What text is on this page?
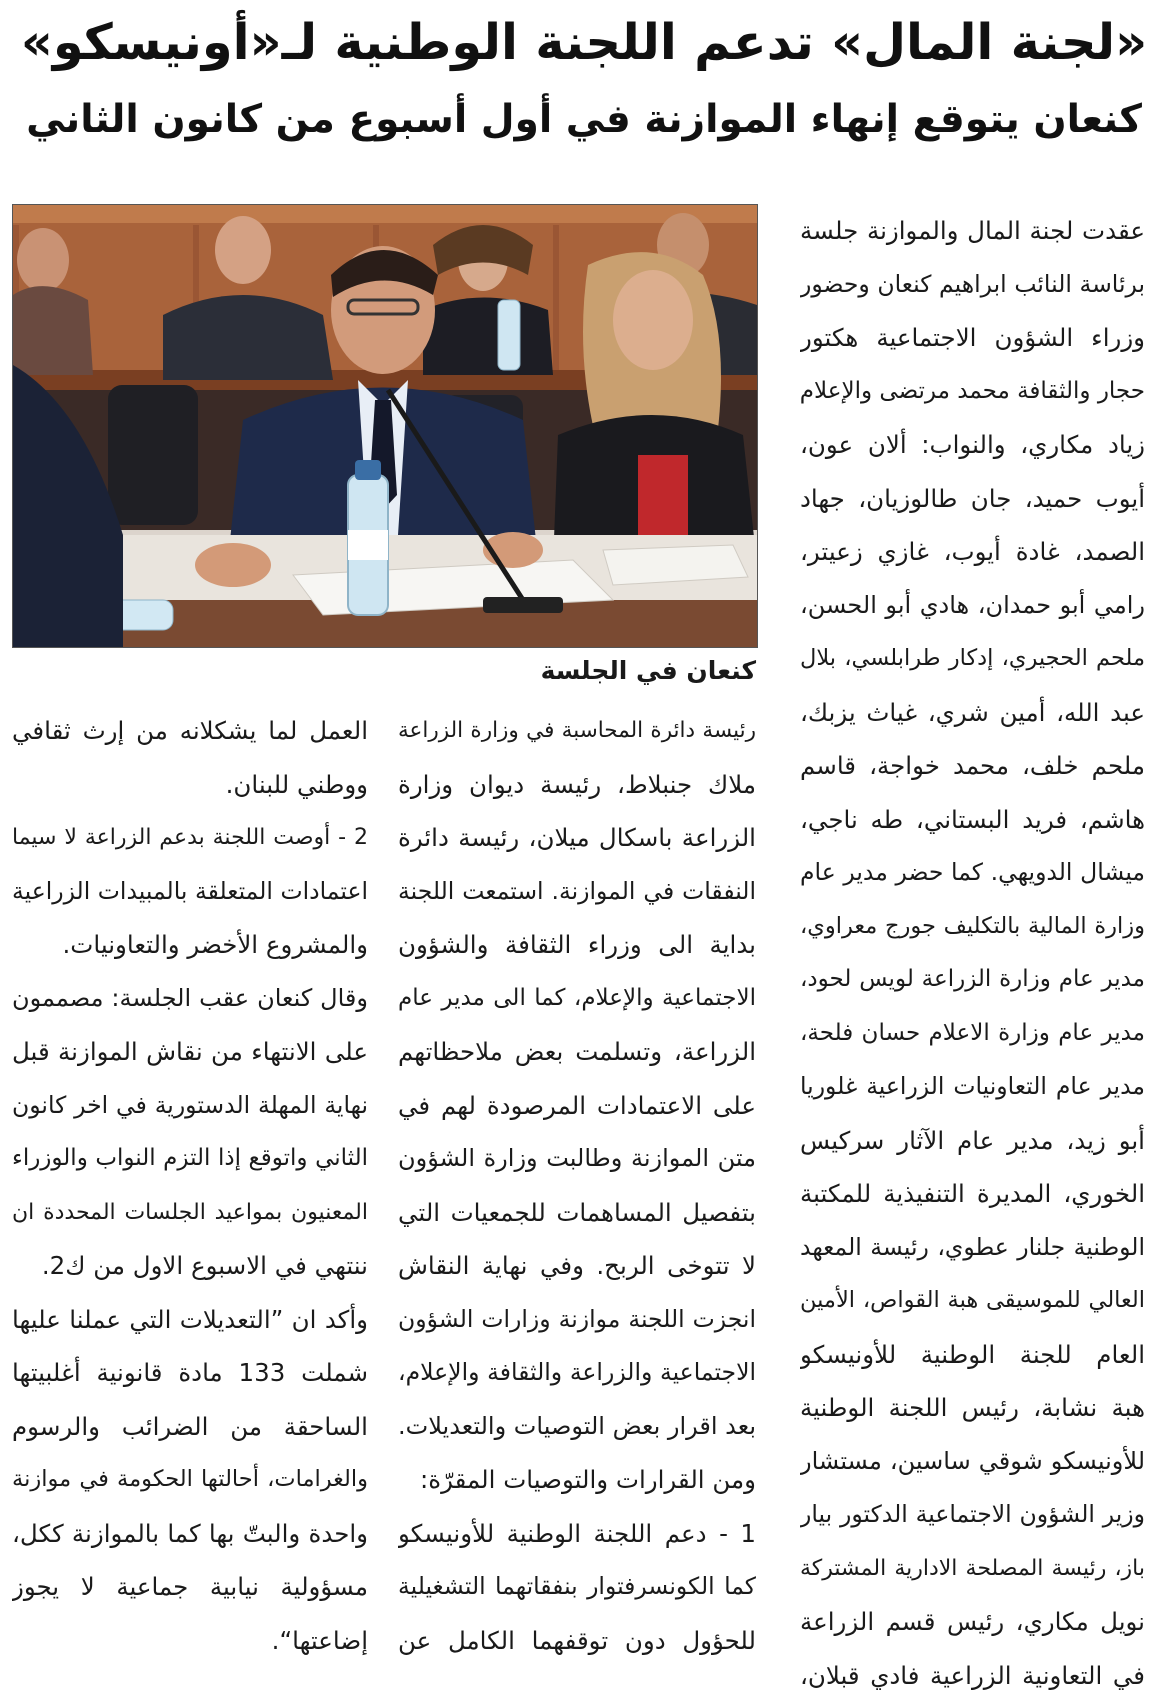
«لجنة المال» تدعم اللجنة الوطنية لـ«أونيسكو»
كنعان يتوقع إنهاء الموازنة في أول أسبوع من كانون الثاني
كنعان في الجلسة
عقدت لجنة المال والموازنة جلسة
برئاسة النائب ابراهيم كنعان وحضور
وزراء الشؤون الاجتماعية هكتور
حجار والثقافة محمد مرتضى والإعلام
زياد مكاري، والنواب: ألان عون،
أيوب حميد، جان طالوزيان، جهاد
الصمد، غادة أيوب، غازي زعيتر،
رامي أبو حمدان، هادي أبو الحسن،
ملحم الحجيري، إدكار طرابلسي، بلال
عبد الله، أمين شري، غياث يزبك،
ملحم خلف، محمد خواجة، قاسم
هاشم، فريد البستاني، طه ناجي،
ميشال الدويهي. كما حضر مدير عام
وزارة المالية بالتكليف جورج معراوي،
مدير عام وزارة الزراعة لويس لحود،
مدير عام وزارة الاعلام حسان فلحة،
مدير عام التعاونيات الزراعية غلوريا
أبو زيد، مدير عام الآثار سركيس
الخوري، المديرة التنفيذية للمكتبة
الوطنية جلنار عطوي، رئيسة المعهد
العالي للموسيقى هبة القواص، الأمين
العام للجنة الوطنية للأونيسكو
هبة نشابة، رئيس اللجنة الوطنية
للأونيسكو شوقي ساسين، مستشار
وزير الشؤون الاجتماعية الدكتور بيار
باز، رئيسة المصلحة الادارية المشتركة
نويل مكاري، رئيس قسم الزراعة
في التعاونية الزراعية فادي قبلان،
رئيسة دائرة المحاسبة في وزارة الزراعة
ملاك جنبلاط، رئيسة ديوان وزارة
الزراعة باسكال ميلان، رئيسة دائرة
النفقات في الموازنة. استمعت اللجنة
بداية الى وزراء الثقافة والشؤون
الاجتماعية والإعلام، كما الى مدير عام
الزراعة، وتسلمت بعض ملاحظاتهم
على الاعتمادات المرصودة لهم في
متن الموازنة وطالبت وزارة الشؤون
بتفصيل المساهمات للجمعيات التي
لا تتوخى الربح. وفي نهاية النقاش
انجزت اللجنة موازنة وزارات الشؤون
الاجتماعية والزراعة والثقافة والإعلام،
بعد اقرار بعض التوصيات والتعديلات.
ومن القرارات والتوصيات المقرّة:
1 - دعم اللجنة الوطنية للأونيسكو
كما الكونسرفتوار بنفقاتهما التشغيلية
للحؤول دون توقفهما الكامل عن
العمل لما يشكلانه من إرث ثقافي
ووطني للبنان.
2 - أوصت اللجنة بدعم الزراعة لا سيما
اعتمادات المتعلقة بالمبيدات الزراعية
والمشروع الأخضر والتعاونيات.
وقال كنعان عقب الجلسة: مصممون
على الانتهاء من نقاش الموازنة قبل
نهاية المهلة الدستورية في اخر كانون
الثاني واتوقع إذا التزم النواب والوزراء
المعنيون بمواعيد الجلسات المحددة ان
ننتهي في الاسبوع الاول من ك2.
وأكد ان ”التعديلات التي عملنا عليها
شملت 133 مادة قانونية أغلبيتها
الساحقة من الضرائب والرسوم
والغرامات، أحالتها الحكومة في موازنة
واحدة والبتّ بها كما بالموازنة ككل،
مسؤولية نيابية جماعية لا يجوز
إضاعتها“.
